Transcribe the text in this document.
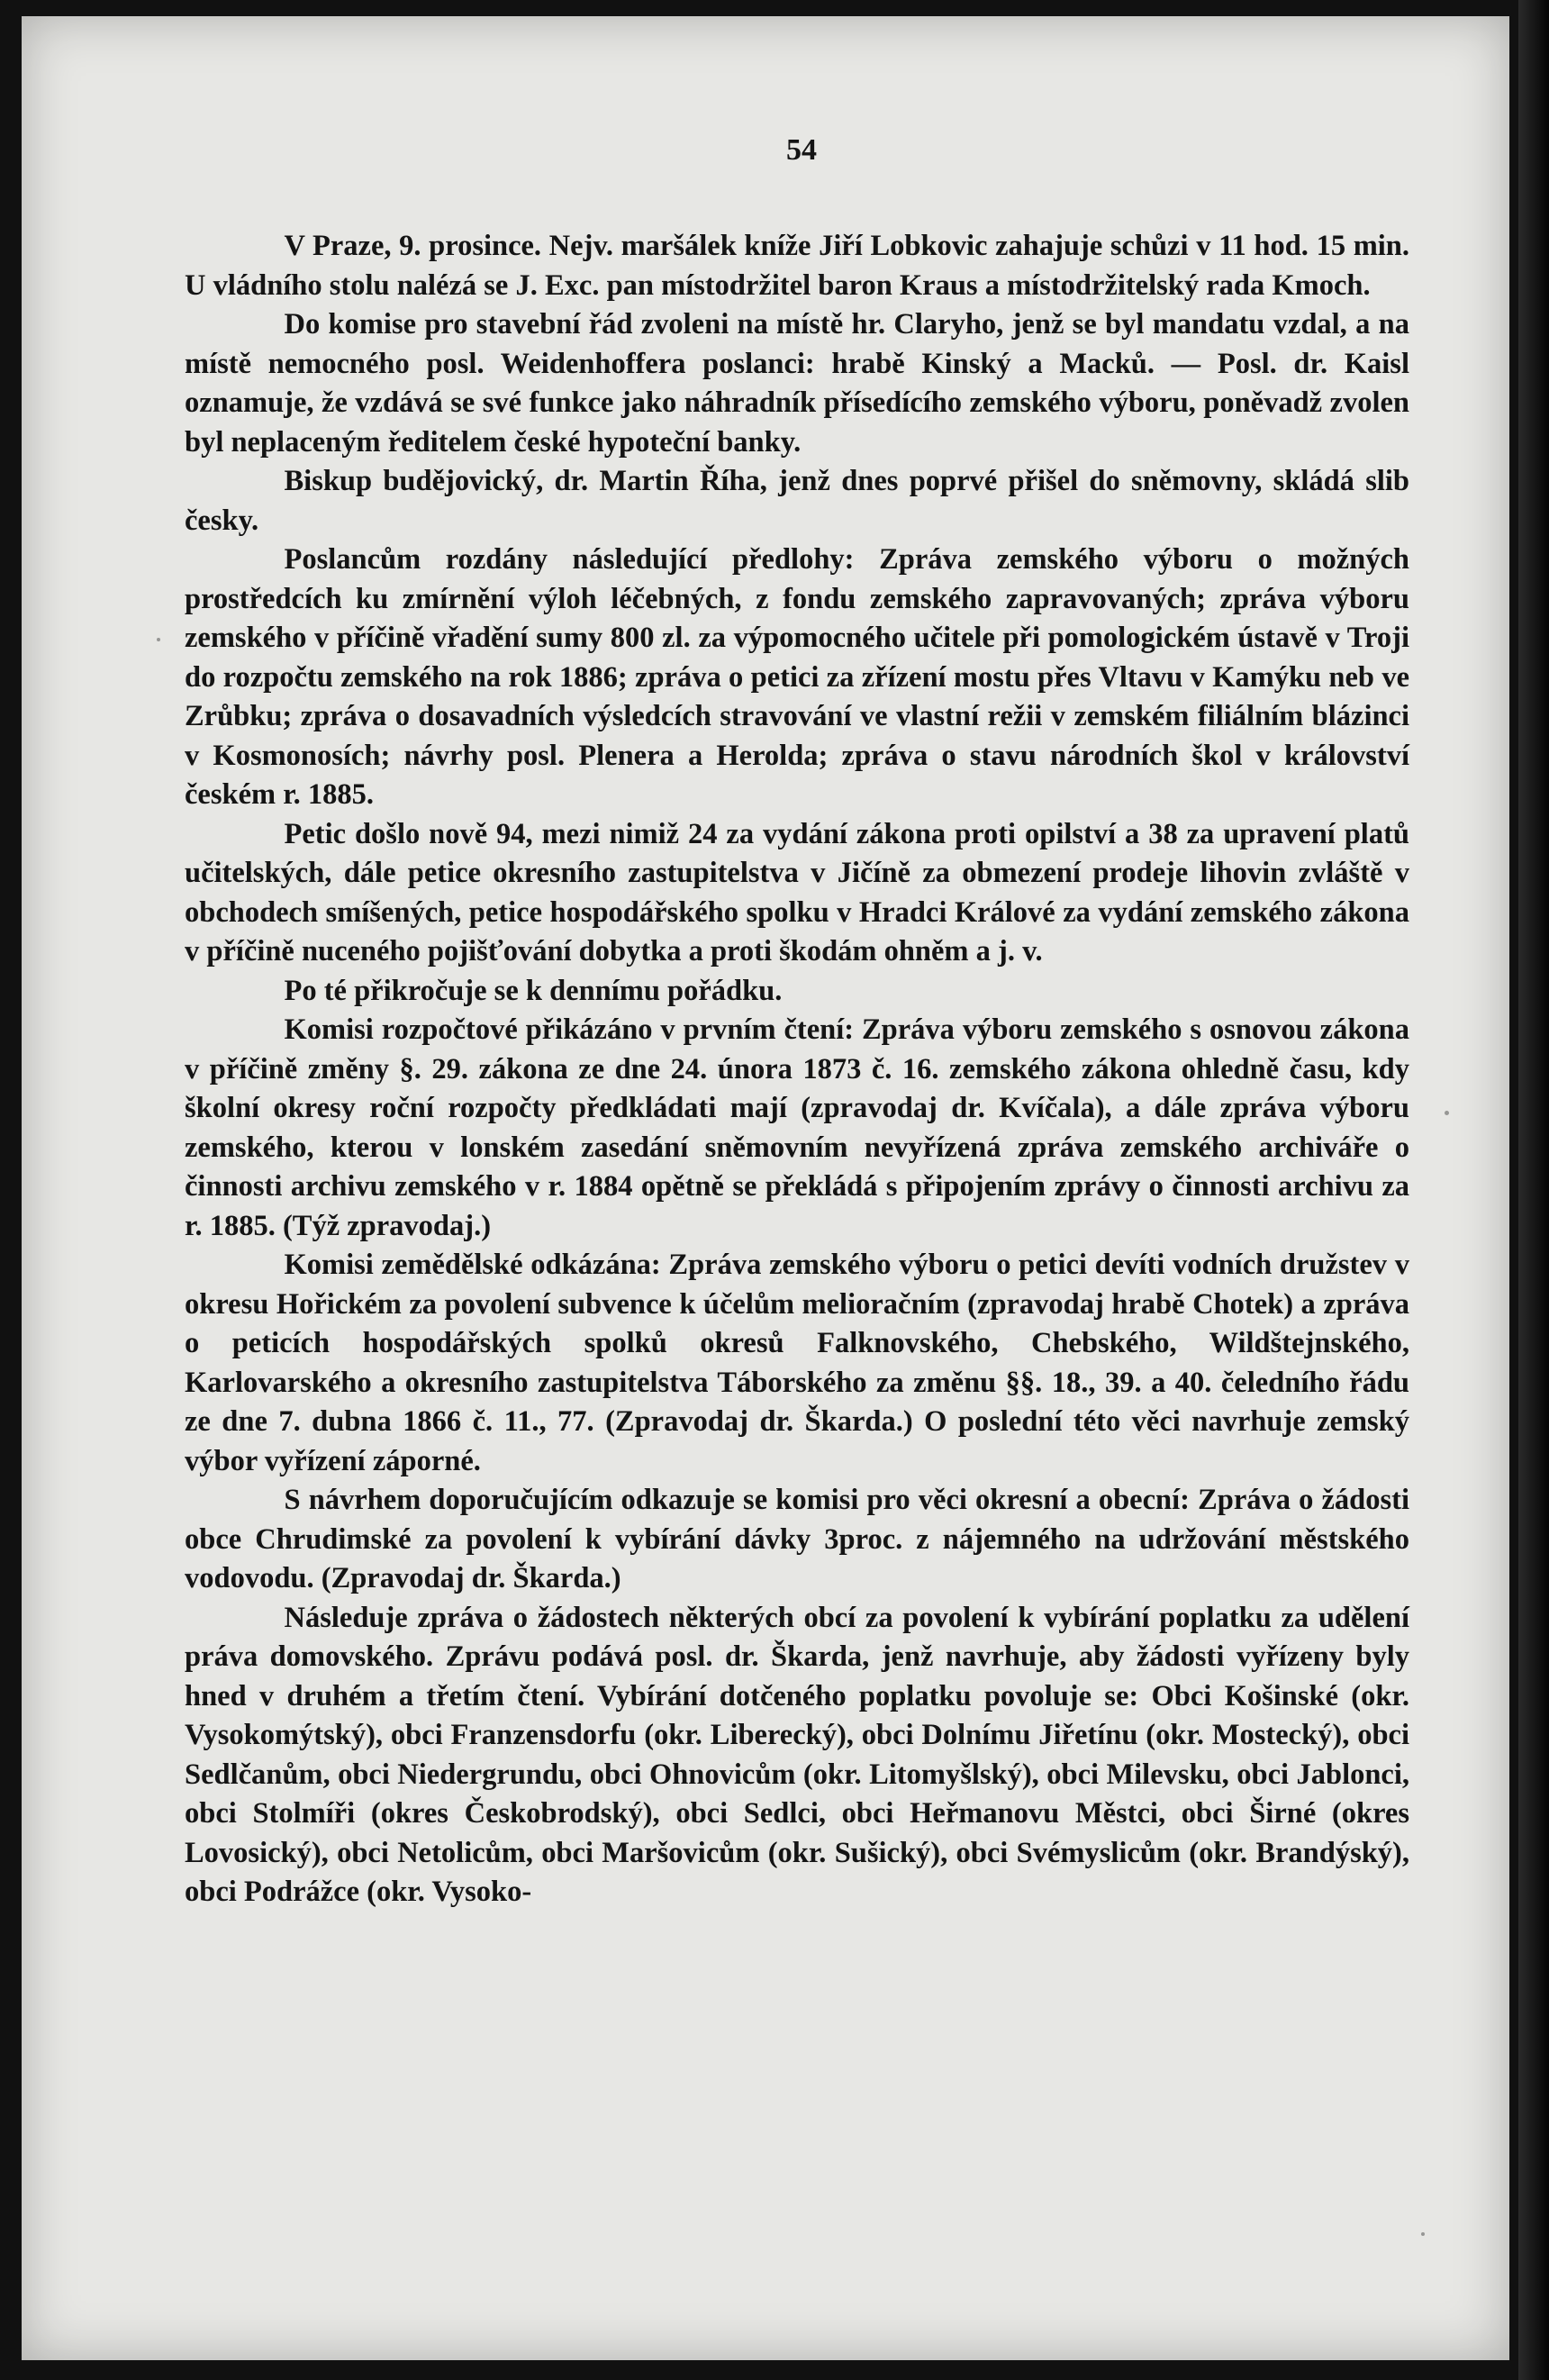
54

V Praze, 9. prosince. Nejv. maršálek kníže Jiří Lobkovic zahajuje schůzi v 11 hod. 15 min. U vládního stolu nalézá se J. Exc. pan místodržitel baron Kraus a místodržitelský rada Kmoch.

Do komise pro stavební řád zvoleni na místě hr. Claryho, jenž se byl mandatu vzdal, a na místě nemocného posl. Weidenhoffera poslanci: hrabě Kinský a Macků. — Posl. dr. Kaisl oznamuje, že vzdává se své funkce jako náhradník přísedícího zemského výboru, poněvadž zvolen byl neplaceným ředitelem české hypoteční banky.

Biskup budějovický, dr. Martin Říha, jenž dnes poprvé přišel do sněmovny, skládá slib česky.

Poslancům rozdány následující předlohy: Zpráva zemského výboru o možných prostředcích ku zmírnění výloh léčebných, z fondu zemského zapravovaných; zpráva výboru zemského v příčině vřadění sumy 800 zl. za výpomocného učitele při pomologickém ústavě v Troji do rozpočtu zemského na rok 1886; zpráva o petici za zřízení mostu přes Vltavu v Kamýku neb ve Zrůbku; zpráva o dosavadních výsledcích stravování ve vlastní režii v zemském filiálním blázinci v Kosmonosích; návrhy posl. Plenera a Herolda; zpráva o stavu národních škol v království českém r. 1885.

Petic došlo nově 94, mezi nimiž 24 za vydání zákona proti opilství a 38 za upravení platů učitelských, dále petice okresního zastupitelstva v Jičíně za obmezení prodeje lihovin zvláště v obchodech smíšených, petice hospodářského spolku v Hradci Králové za vydání zemského zákona v příčině nuceného pojišťování dobytka a proti škodám ohněm a j. v.

Po té přikročuje se k dennímu pořádku.

Komisi rozpočtové přikázáno v prvním čtení: Zpráva výboru zemského s osnovou zákona v příčině změny §. 29. zákona ze dne 24. února 1873 č. 16. zemského zákona ohledně času, kdy školní okresy roční rozpočty předkládati mají (zpravodaj dr. Kvíčala), a dále zpráva výboru zemského, kterou v lonském zasedání sněmovním nevyřízená zpráva zemského archiváře o činnosti archivu zemského v r. 1884 opětně se překládá s připojením zprávy o činnosti archivu za r. 1885. (Týž zpravodaj.)

Komisi zemědělské odkázána: Zpráva zemského výboru o petici devíti vodních družstev v okresu Hořickém za povolení subvence k účelům melioračním (zpravodaj hrabě Chotek) a zpráva o peticích hospodářských spolků okresů Falknovského, Chebského, Wildštejnského, Karlovarského a okresního zastupitelstva Táborského za změnu §§. 18., 39. a 40. čeledního řádu ze dne 7. dubna 1866 č. 11., 77. (Zpravodaj dr. Škarda.) O poslední této věci navrhuje zemský výbor vyřízení záporné.

S návrhem doporučujícím odkazuje se komisi pro věci okresní a obecní: Zpráva o žádosti obce Chrudimské za povolení k vybírání dávky 3proc. z nájemného na udržování městského vodovodu. (Zpravodaj dr. Škarda.)

Následuje zpráva o žádostech některých obcí za povolení k vybírání poplatku za udělení práva domovského. Zprávu podává posl. dr. Škarda, jenž navrhuje, aby žádosti vyřízeny byly hned v druhém a třetím čtení. Vybírání dotčeného poplatku povoluje se: Obci Košinské (okr. Vysokomýtský), obci Franzensdorfu (okr. Liberecký), obci Dolnímu Jiřetínu (okr. Mostecký), obci Sedlčanům, obci Niedergrundu, obci Ohnovicům (okr. Litomyšlský), obci Milevsku, obci Jablonci, obci Stolmíři (okres Českobrodský), obci Sedlci, obci Heřmanovu Městci, obci Širné (okres Lovosický), obci Netolicům, obci Maršovicům (okr. Sušický), obci Svémyslicům (okr. Brandýský), obci Podrážce (okr. Vysoko-
